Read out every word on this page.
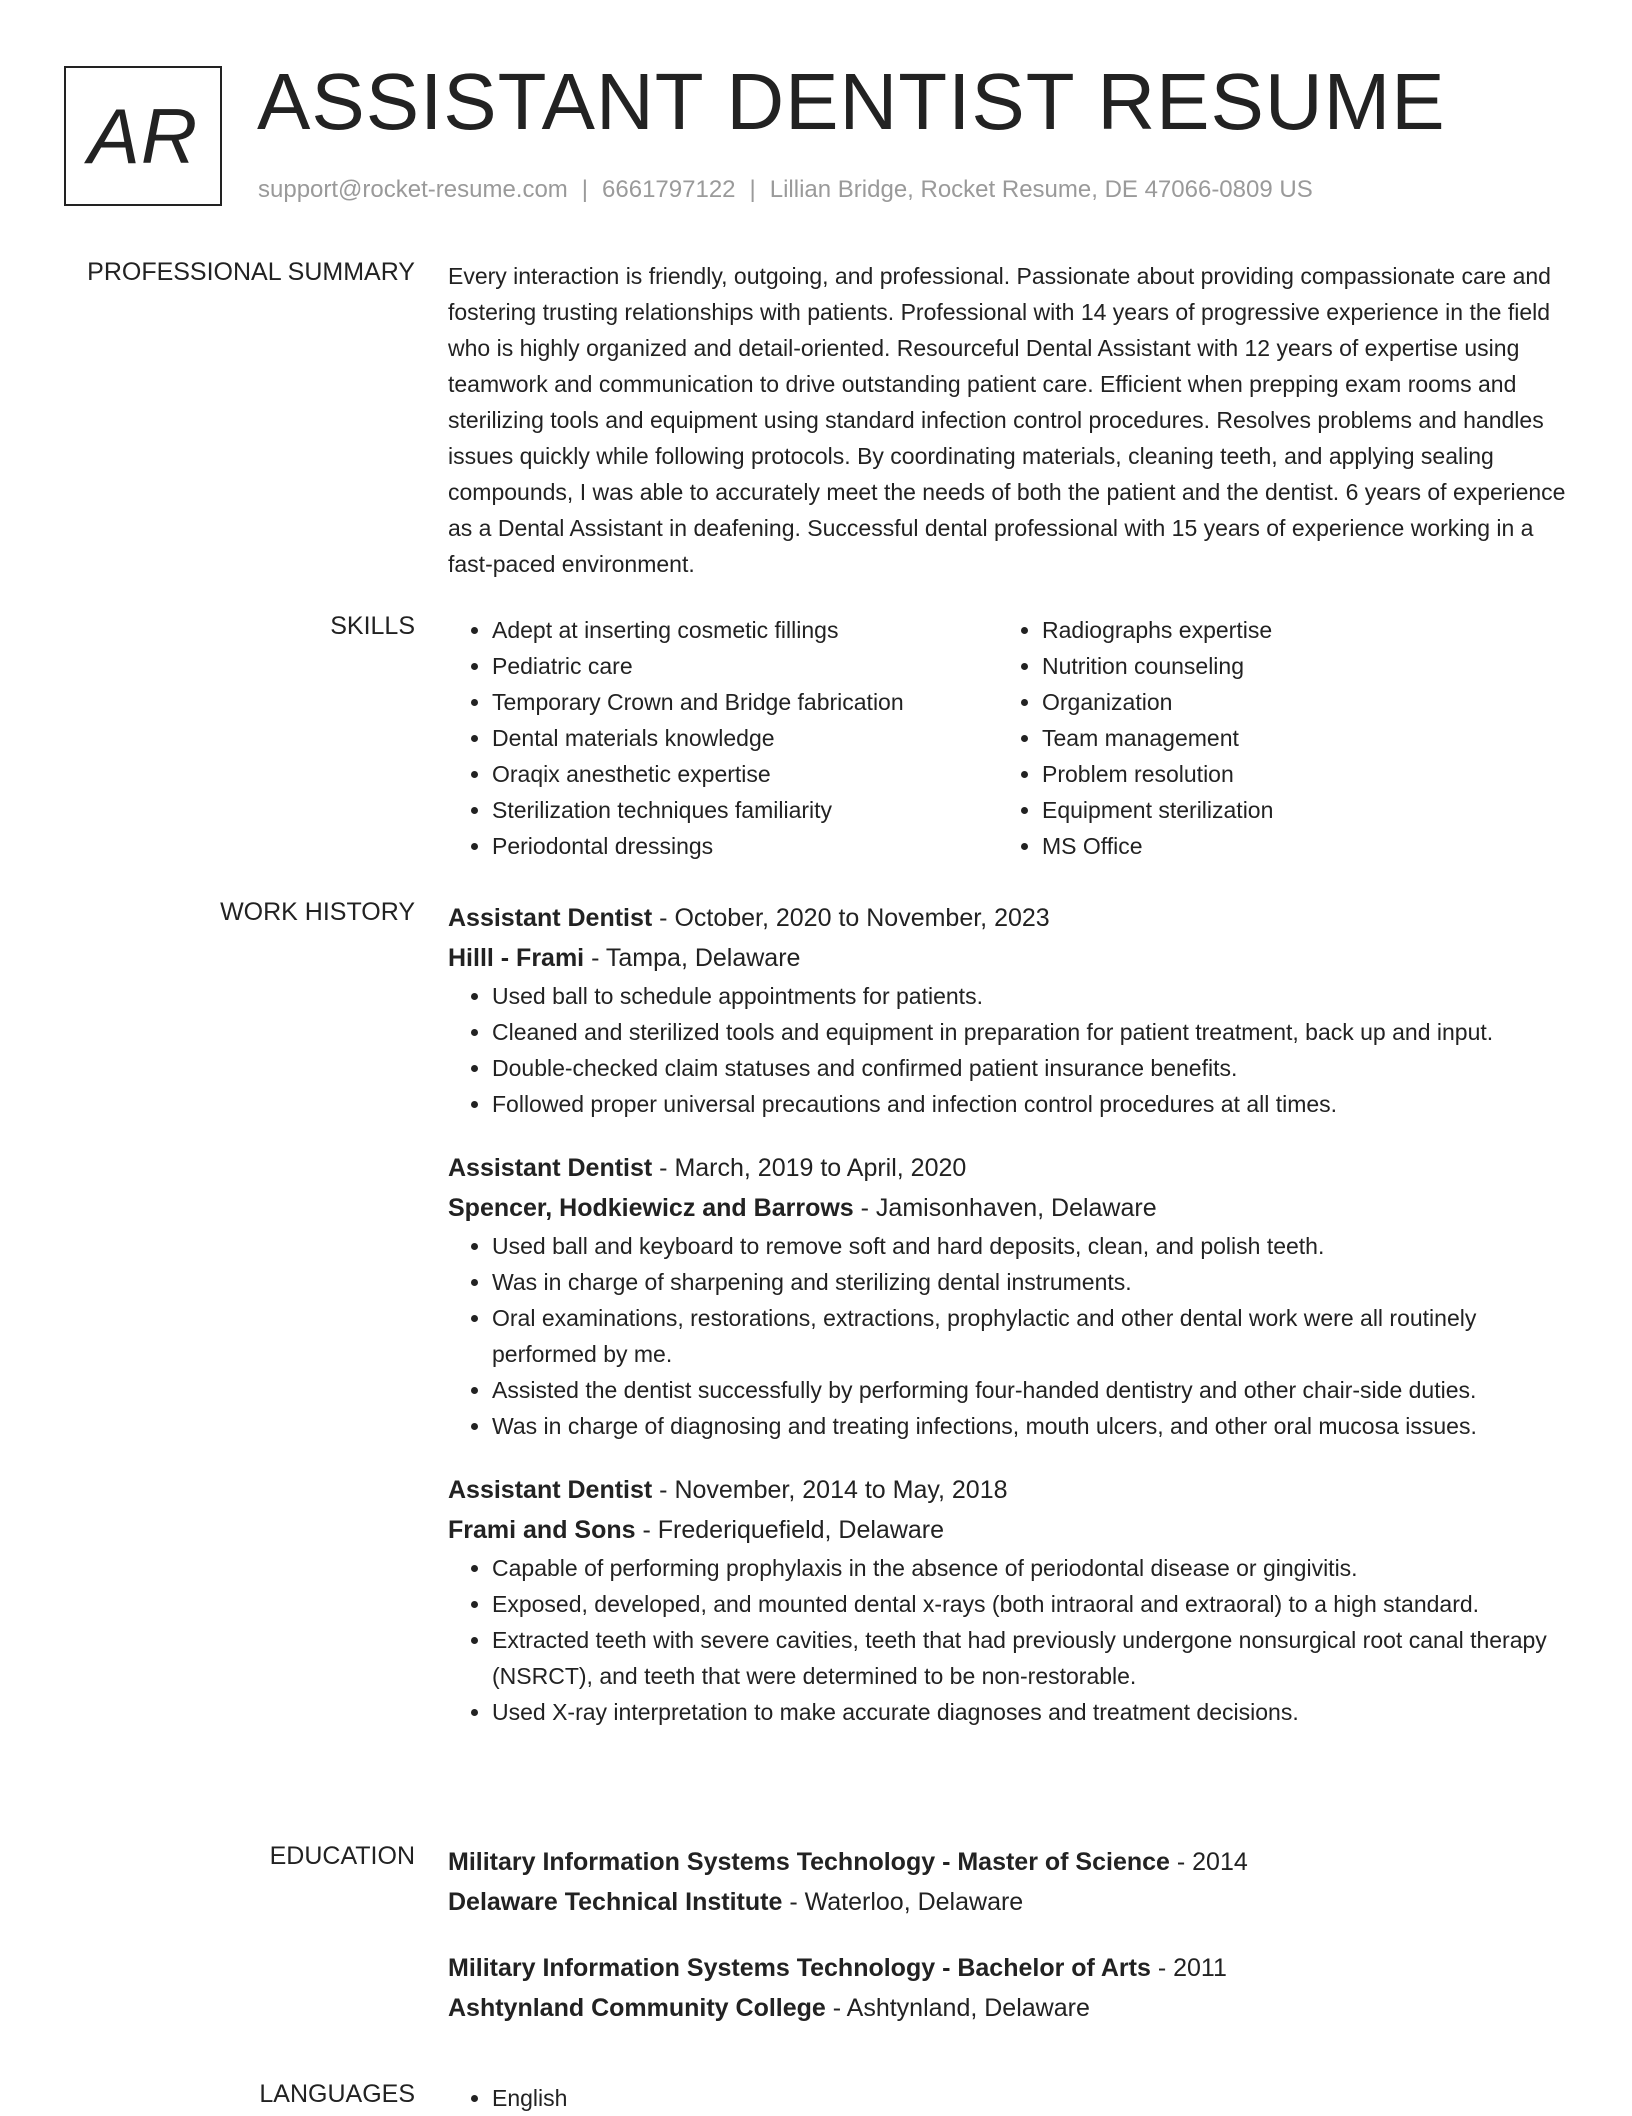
AR ASSISTANT DENTIST RESUME
support@rocket-resume.com | 6661797122 | Lillian Bridge, Rocket Resume, DE 47066-0809 US
PROFESSIONAL SUMMARY Every interaction is friendly, outgoing, and professional. Passionate about providing compassionate care and fostering trusting relationships with patients. Professional with 14 years of progressive experience in the field who is highly organized and detail-oriented. Resourceful Dental Assistant with 12 years of expertise using teamwork and communication to drive outstanding patient care. Efficient when prepping exam rooms and sterilizing tools and equipment using standard infection control procedures. Resolves problems and handles issues quickly while following protocols. By coordinating materials, cleaning teeth, and applying sealing compounds, I was able to accurately meet the needs of both the patient and the dentist. 6 years of experience as a Dental Assistant in deafening. Successful dental professional with 15 years of experience working in a fast-paced environment.

SKILLS	• Adept at inserting cosmetic fillings
• Pediatric care
• Temporary Crown and Bridge fabrication
• Dental materials knowledge
• Oraqix anesthetic expertise
• Sterilization techniques familiarity
• Periodontal dressings
• Radiographs expertise
• Nutrition counseling
• Organization
• Team management
• Problem resolution
• Equipment sterilization
• MS Office
WORK HISTORY Assistant Dentist - October, 2020 to November, 2023
Hilll - Frami - Tampa, Delaware
• Used ball to schedule appointments for patients.
• Cleaned and sterilized tools and equipment in preparation for patient treatment, back up and input.
• Double-checked claim statuses and confirmed patient insurance benefits.
• Followed proper universal precautions and infection control procedures at all times.
Assistant Dentist - March, 2019 to April, 2020
Spencer, Hodkiewicz and Barrows - Jamisonhaven, Delaware
• Used ball and keyboard to remove soft and hard deposits, clean, and polish teeth.
• Was in charge of sharpening and sterilizing dental instruments.
• Oral examinations, restorations, extractions, prophylactic and other dental work were all routinely performed by me.
• Assisted the dentist successfully by performing four-handed dentistry and other chair-side duties.
• Was in charge of diagnosing and treating infections, mouth ulcers, and other oral mucosa issues.
Assistant Dentist - November, 2014 to May, 2018
Frami and Sons - Frederiquefield, Delaware
• Capable of performing prophylaxis in the absence of periodontal disease or gingivitis.
• Exposed, developed, and mounted dental x-rays (both intraoral and extraoral) to a high standard.
• Extracted teeth with severe cavities, teeth that had previously undergone nonsurgical root canal therapy (NSRCT), and teeth that were determined to be non-restorable.
• Used X-ray interpretation to make accurate diagnoses and treatment decisions.
EDUCATION Military Information Systems Technology - Master of Science - 2014
Delaware Technical Institute - Waterloo, Delaware
Military Information Systems Technology - Bachelor of Arts - 2011
Ashtynland Community College - Ashtynland, Delaware
LANGUAGES	• English
